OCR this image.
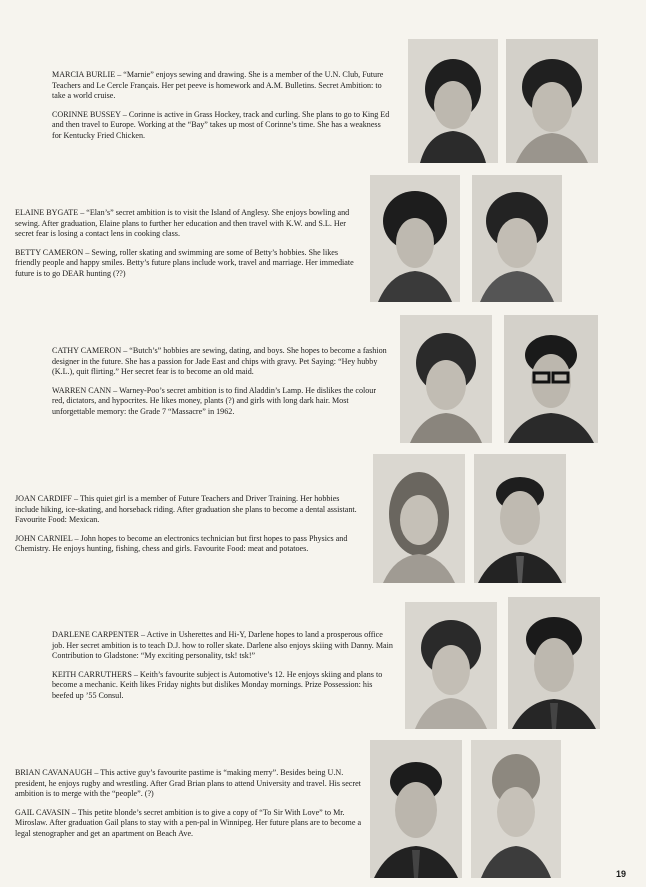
MARCIA BURLIE – “Marnie” enjoys sewing and drawing. She is a member of the U.N. Club, Future Teachers and Le Cercle Français. Her pet peeve is homework and A.M. Bulletins. Secret Ambition: to take a world cruise.

CORINNE BUSSEY – Corinne is active in Grass Hockey, track and curling. She plans to go to King Ed and then travel to Europe. Working at the “Bay” takes up most of Corinne’s time. She has a weakness for Kentucky Fried Chicken.

ELAINE BYGATE – “Elan’s” secret ambition is to visit the Island of Anglesy. She enjoys bowling and sewing. After graduation, Elaine plans to further her education and then travel with K.W. and S.L. Her secret fear is losing a contact lens in cooking class.

BETTY CAMERON – Sewing, roller skating and swimming are some of Betty’s hobbies. She likes friendly people and happy smiles. Betty’s future plans include work, travel and marriage. Her immediate future is to go DEAR hunting (??)

CATHY CAMERON – “Butch’s” hobbies are sewing, dating, and boys. She hopes to become a fashion designer in the future. She has a passion for Jade East and chips with gravy. Pet Saying: “Hey hubby (K.L.), quit flirting.” Her secret fear is to become an old maid.

WARREN CANN – Warney-Poo’s secret ambition is to find Aladdin’s Lamp. He dislikes the colour red, dictators, and hypocrites. He likes money, plants (?) and girls with long dark hair. Most unforgettable memory: the Grade 7 “Massacre” in 1962.

JOAN CARDIFF – This quiet girl is a member of Future Teachers and Driver Training. Her hobbies include hiking, ice-skating, and horseback riding. After graduation she plans to become a dental assistant. Favourite Food: Mexican.

JOHN CARNIEL – John hopes to become an electronics technician but first hopes to pass Physics and Chemistry. He enjoys hunting, fishing, chess and girls. Favourite Food: meat and potatoes.

DARLENE CARPENTER – Active in Usherettes and Hi-Y, Darlene hopes to land a prosperous office job. Her secret ambition is to teach D.J. how to roller skate. Darlene also enjoys skiing with Danny. Main Contribution to Gladstone: “My exciting personality, tsk! tsk!”

KEITH CARRUTHERS – Keith’s favourite subject is Automotive’s 12. He enjoys skiing and plans to become a mechanic. Keith likes Friday nights but dislikes Monday mornings. Prize Possession: his beefed up ’55 Consul.

BRIAN CAVANAUGH – This active guy’s favourite pastime is “making merry”. Besides being U.N. president, he enjoys rugby and wrestling. After Grad Brian plans to attend University and travel. His secret ambition is to merge with the “people”. (?)

GAIL CAVASIN – This petite blonde’s secret ambition is to give a copy of “To Sir With Love” to Mr. Miroslaw. After graduation Gail plans to stay with a pen-pal in Winnipeg. Her future plans are to become a legal stenographer and get an apartment on Beach Ave.

19
